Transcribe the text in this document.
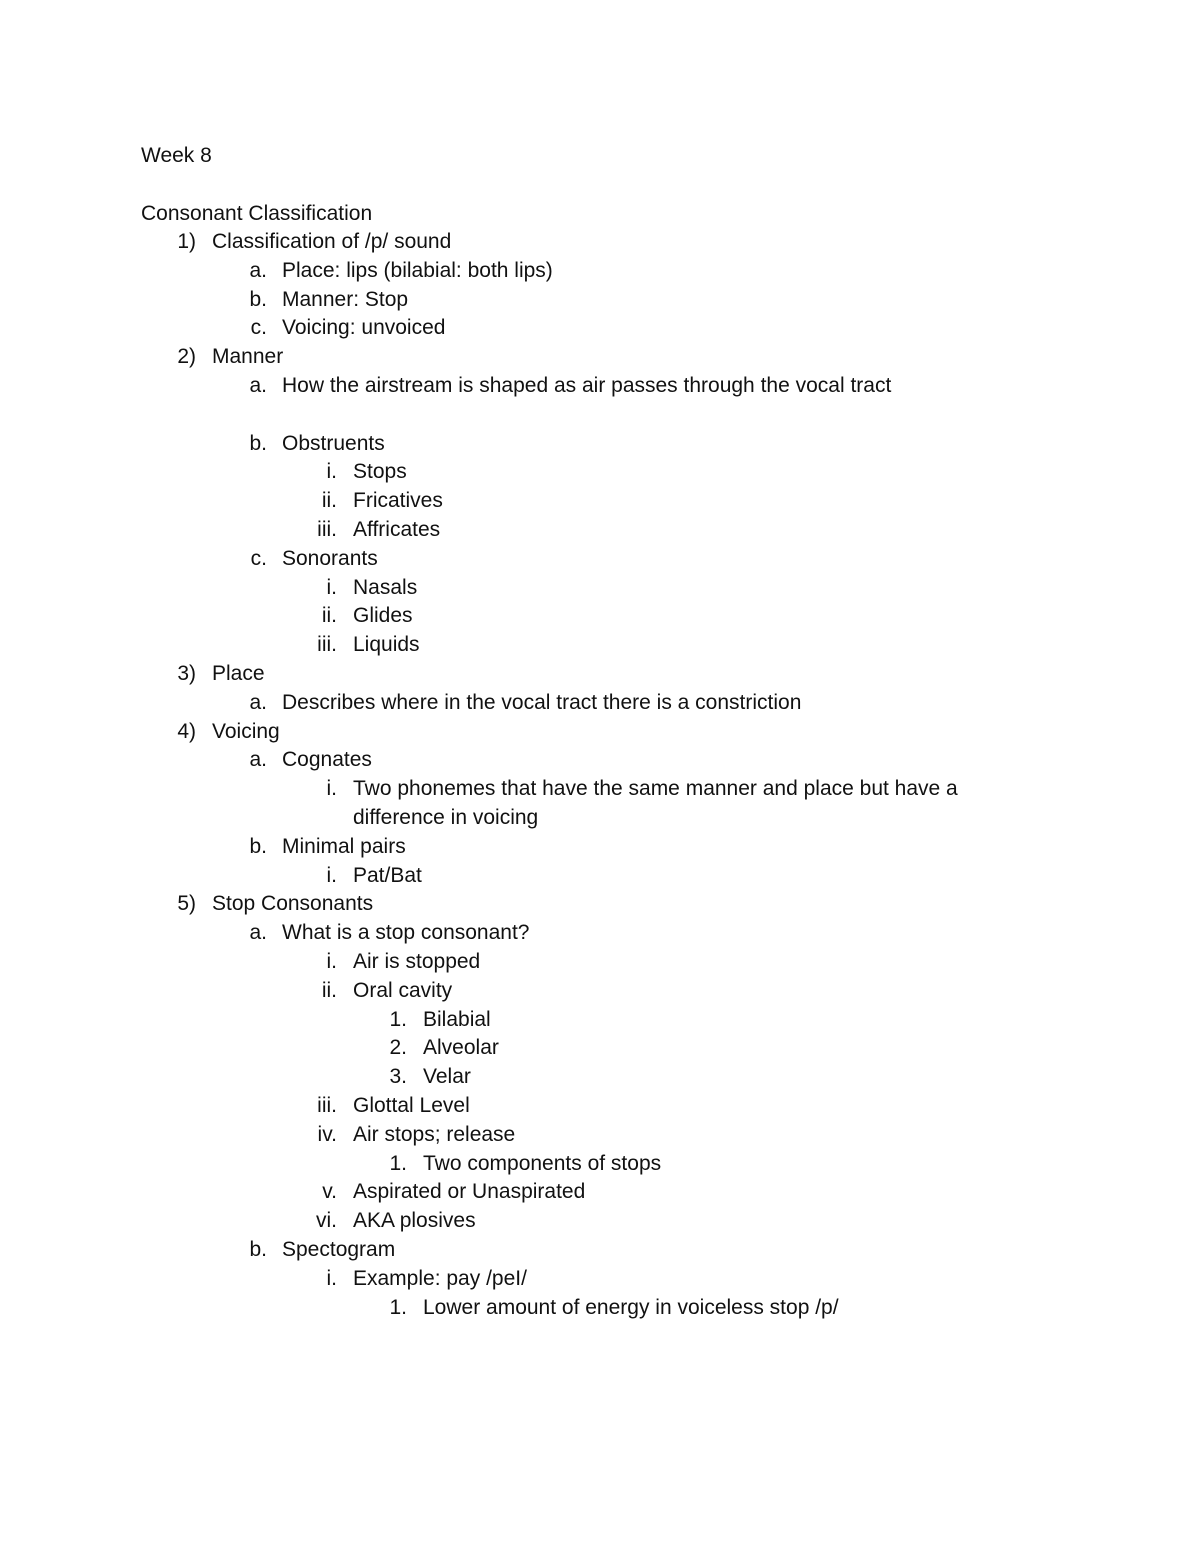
Week 8
Consonant Classification
1) Classification of /p/ sound
a. Place: lips (bilabial: both lips)
b. Manner: Stop
c. Voicing: unvoiced
2) Manner
a. How the airstream is shaped as air passes through the vocal tract
b. Obstruents
i. Stops
ii. Fricatives
iii. Affricates
c. Sonorants
i. Nasals
ii. Glides
iii. Liquids
3) Place
a. Describes where in the vocal tract there is a constriction
4) Voicing
a. Cognates
i. Two phonemes that have the same manner and place but have a difference in voicing
b. Minimal pairs
i. Pat/Bat
5) Stop Consonants
a. What is a stop consonant?
i. Air is stopped
ii. Oral cavity
1. Bilabial
2. Alveolar
3. Velar
iii. Glottal Level
iv. Air stops; release
1. Two components of stops
v. Aspirated or Unaspirated
vi. AKA plosives
b. Spectogram
i. Example: pay /peI/
1. Lower amount of energy in voiceless stop /p/
